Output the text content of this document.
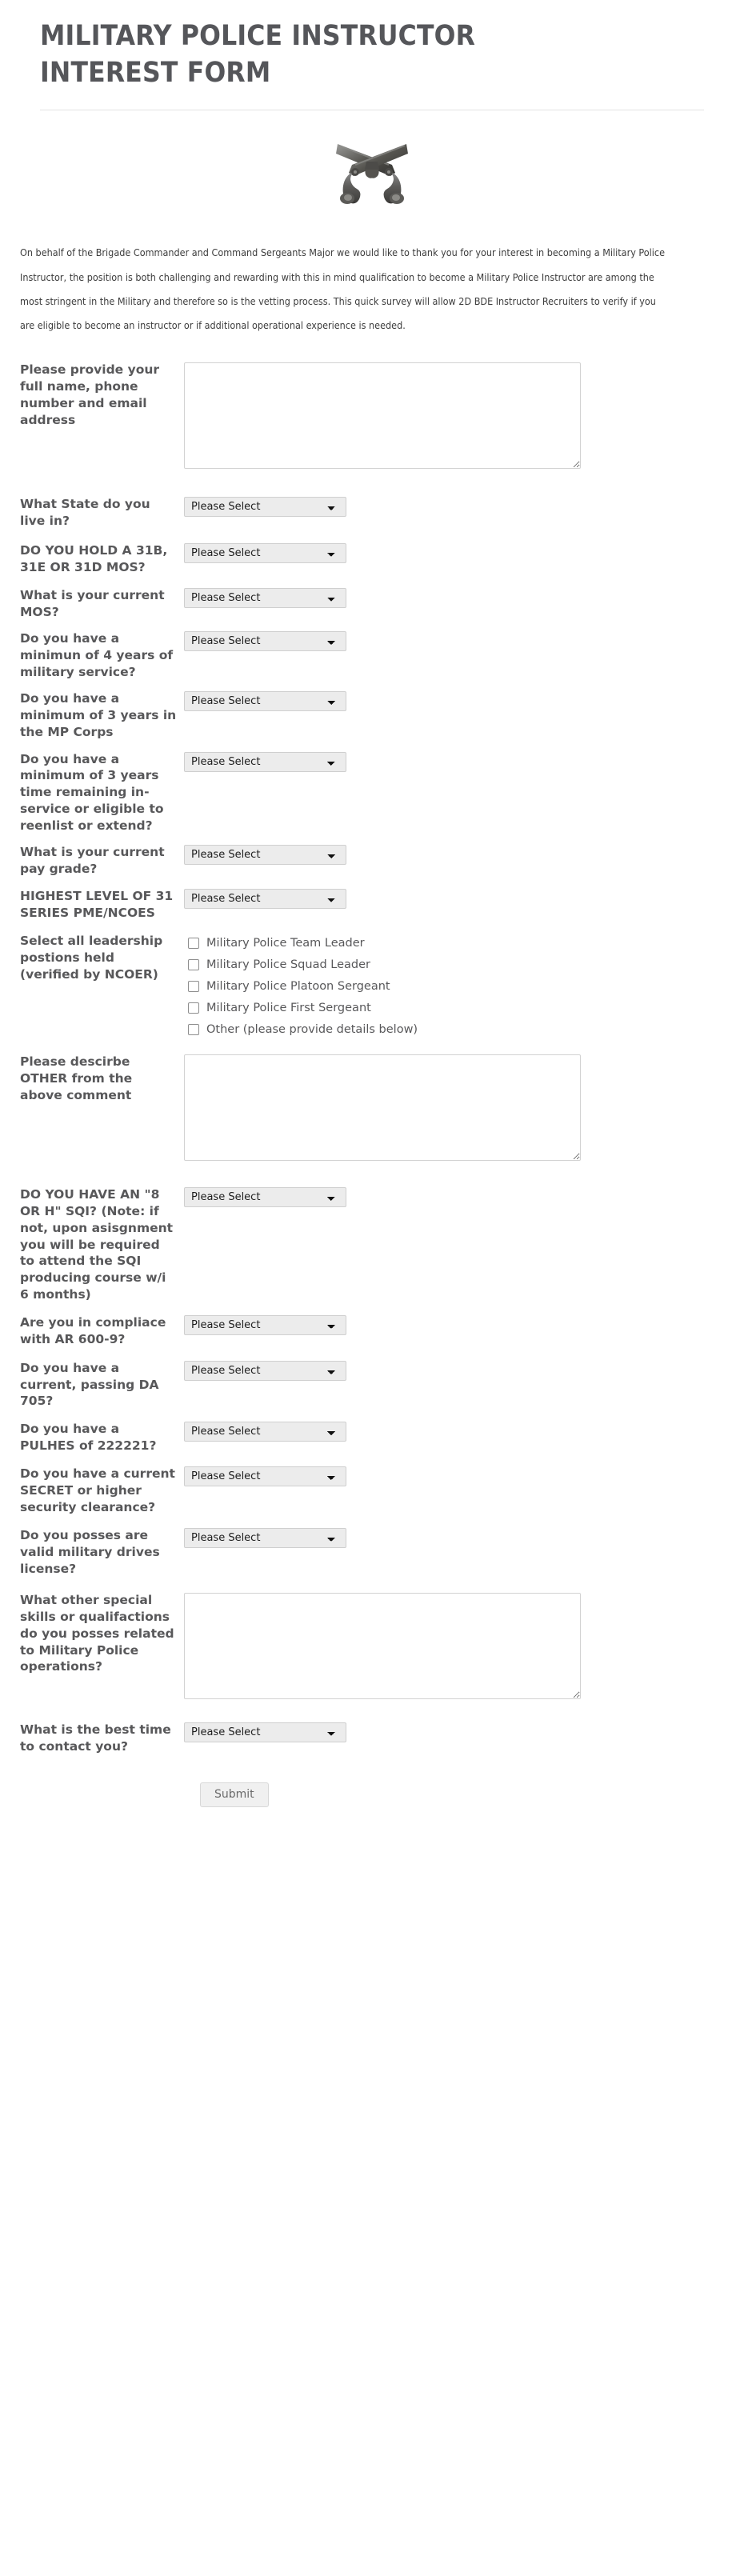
MILITARY POLICE INSTRUCTOR INTEREST FORM

On behalf of the Brigade Commander and Command Sergeants Major we would like to thank you for your interest in becoming a Military Police Instructor, the position is both challenging and rewarding with this in mind qualification to become a Military Police Instructor are among the most stringent in the Military and therefore so is the vetting process. This quick survey will allow 2D BDE Instructor Recruiters to verify if you are eligible to become an instructor or if additional operational experience is needed.

Please provide your full name, phone number and email address
What State do you live in?
Please Select
DO YOU HOLD A 31B, 31E OR 31D MOS?
Please Select
What is your current MOS?
Please Select
Do you have a minimun of 4 years of military service?
Please Select
Do you have a minimum of 3 years in the MP Corps
Please Select
Do you have a minimum of 3 years time remaining in-service or eligible to reenlist or extend?
Please Select
What is your current pay grade?
Please Select
HIGHEST LEVEL OF 31 SERIES PME/NCOES
Please Select
Select all leadership postions held (verified by NCOER)
Military Police Team Leader
Military Police Squad Leader
Military Police Platoon Sergeant
Military Police First Sergeant
Other (please provide details below)
Please descirbe OTHER from the above comment
DO YOU HAVE AN "8 OR H" SQI? (Note: if not, upon asisgnment you will be required to attend the SQI producing course w/i 6 months)
Please Select
Are you in compliace with AR 600-9?
Please Select
Do you have a current, passing DA 705?
Please Select
Do you have a PULHES of 222221?
Please Select
Do you have a current SECRET or higher security clearance?
Please Select
Do you posses are valid military drives license?
Please Select
What other special skills or qualifactions do you posses related to Military Police operations?
What is the best time to contact you?
Please Select
Submit
